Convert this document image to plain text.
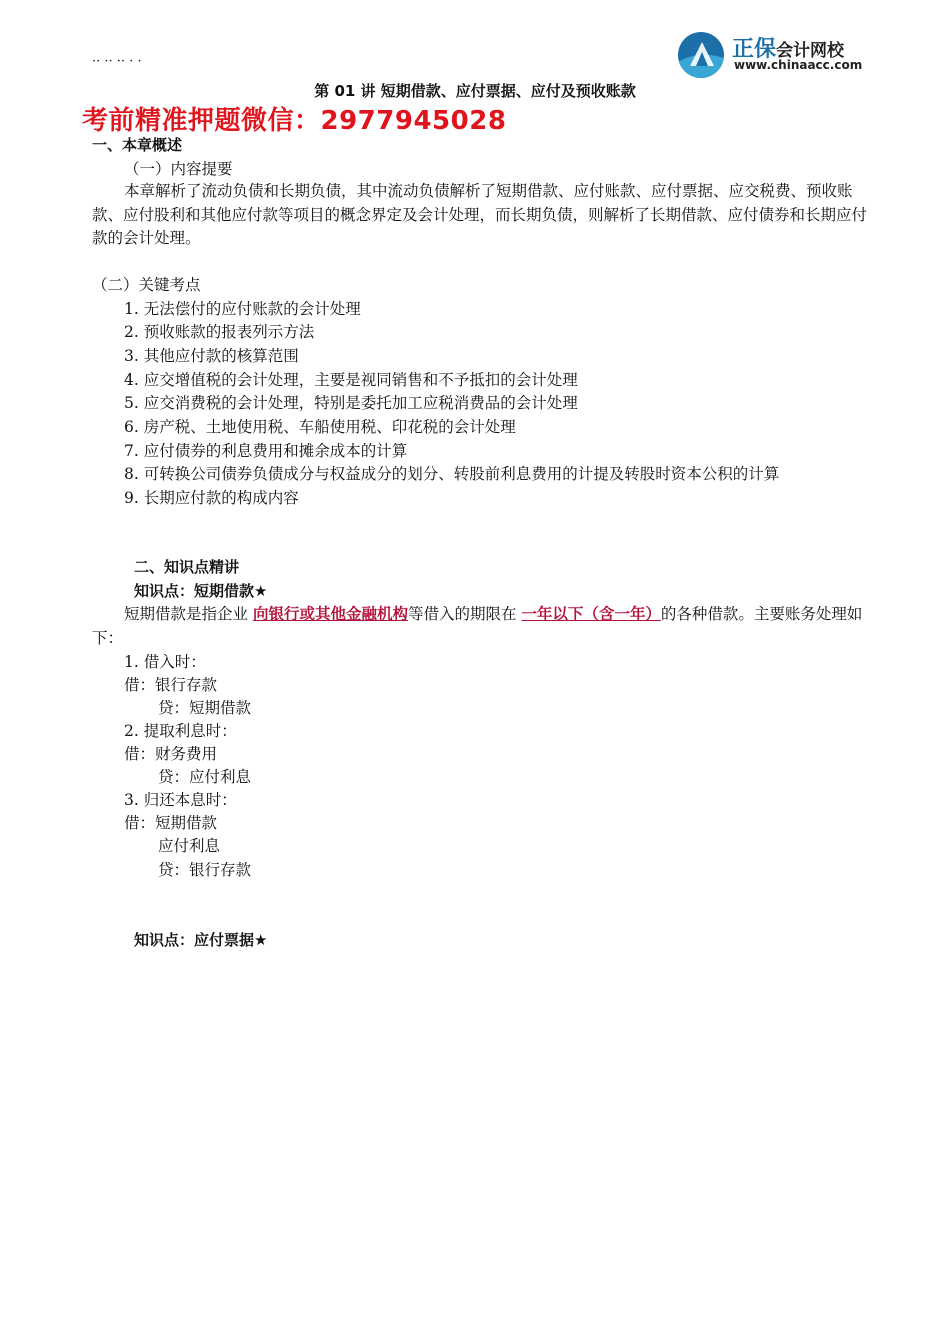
·· ·· ·· · ·	正保会计网校
www.chinaacc.com
第 01 讲 短期借款、应付票据、应付及预收账款
考前精准押题微信：2977945028
一、本章概述
（一）内容提要
本章解析了流动负债和长期负债，其中流动负债解析了短期借款、应付账款、应付票据、应交税费、预收账款、应付股利和其他应付款等项目的概念界定及会计处理，而长期负债，则解析了长期借款、应付债券和长期应付款的会计处理。
（二）关键考点
1. 无法偿付的应付账款的会计处理
2. 预收账款的报表列示方法
3. 其他应付款的核算范围
4. 应交增值税的会计处理，主要是视同销售和不予抵扣的会计处理
5. 应交消费税的会计处理，特别是委托加工应税消费品的会计处理
6. 房产税、土地使用税、车船使用税、印花税的会计处理
7. 应付债券的利息费用和摊余成本的计算
8. 可转换公司债券负债成分与权益成分的划分、转股前利息费用的计提及转股时资本公积的计算
9. 长期应付款的构成内容
二、知识点精讲
知识点：短期借款★
短期借款是指企业 向银行或其他金融机构等借入的期限在 一年以下（含一年）的各种借款。主要账务处理如下：
1. 借入时：
借：银行存款
贷：短期借款
2. 提取利息时：
借：财务费用
贷：应付利息
3. 归还本息时：
借：短期借款
应付利息
贷：银行存款
知识点：应付票据★
